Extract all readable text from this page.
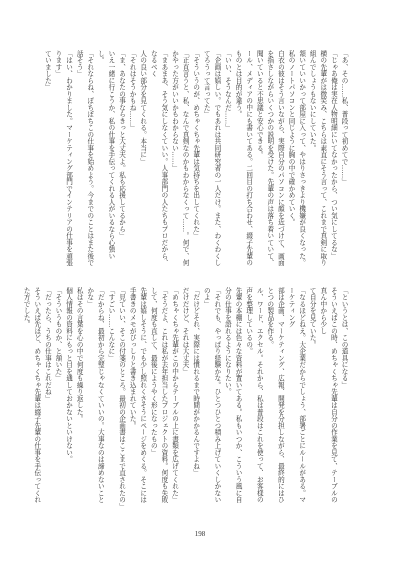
「あ、その……私、普段って初めてで……」

「じゃあ俺は実在人物明細にいてなかったから、つい気にしてるな」

横の先輩がは微笑み、こちらは素直にそう言って、これまで真剣に取り組んでしょうもないにしていた。

頷いていいかって部屋に入って、やはりさっきより機嫌が良くなった。私のノートパソコンと同じように胸の中で確かめていく。

白衣の彼はそう言いながら、実際自分のパソコンに顔を近づけて、画面を指さしながらいくつかの説明を受けた。先輩の声は落ち着いていて、聞いていると不思議と安心できる。

ール、メディアの中にも書いてある。二回目の打ち合わせ、綴子先輩のものとは目的が違う。

「いい、そうなんだ……」

「企画は嬉しい。でもあれは共同研究者の一人だけ。また、わくわくしてろうって言ってた」

「そういうのが、めちゃくちゃ先輩は気持ちを出してくれた」

「正直言うと、私、なんで真剣なのかもわからなくって……。何で、何かやった方がいいかもわからない……」

「まあまあ、そう気にしなくていい。人事部門の人たちもプロだから、なるべく

人の良い部分を見てくれる。本当に」

「それはそうかもね……」

「ま、あなたの事ならきっと大丈夫よ。私も応援してるから」

いえ一緒に行こうか、私の仕事を手伝ってくれる人がいるなら心強いし。

「それならね、ぼちぼちこの仕事を始めよう。今までのことはまた後で話そう」

「はい、わかりました。マーケティング部門でインテリアの仕事を頑張ります」

ていました」

「というとは、この道具になる」

そういえばこの時、めちゃくちゃ先輩は自分の作業を見て、テーブルの真ん中から少し

て自分を見ていた。

「なるほどねえ。大企業だからでしょう、部署ごとにルールがある。マーケティング

部は企画、マーケティング、広報、開発を分担しながら、最終的にはひとつの製品を作る。

ル、ワード、エクセル。それから、私は普段はこれを使って、お客様の声を整理しているの。

先輩の本棚には色々な資料が置いてある。私もいつか、こういう風に自分の仕事を語れるようになりたい。

「それでも、やっぱり経験かな。ひとつひとつ積み上げていくしかないのよ」

「だけどそれ、実際には慣れるまで時間がかかるんですよね」

だけだけど、それは大丈夫」

「めちゃくちゃ先輩がこの中からテーブルの上に書類を広げてくれた」

「そうだよ、これは私が去年担当したプロジェクトの資料。何度も失敗して、何度も直して、最後にようやく形になったもの」

先輩は嬉しそうに、でも少し照れくさそうにページをめくる。そこには手書きのメモがびっしりと書き込まれていた。

「見ていい、そこの付箋のところ。最初の企画書はここまで直されたの」

「すごい……こんなに」

「だからね、最初から完璧じゃなくていいの。大事なのは諦めないことかな」

私はその言葉を心の中で何度も繰り返した。

個人情報の資料にもっと目を通しておかないといけない。

「そういうものか、と頷いた」

「だったら、うちの仕事はこれだね」

そういえば先ほど、めちゃくちゃ先輩は綴子先輩の仕事を手伝ってくれた方でした。

198
